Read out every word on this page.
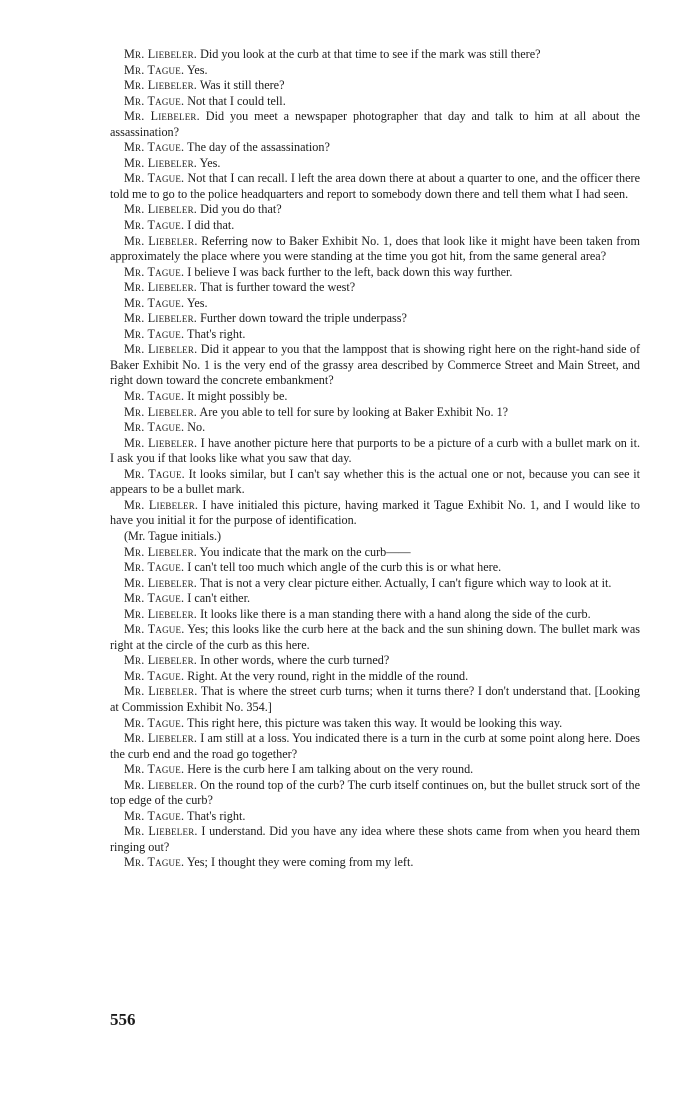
Mr. Liebeler. Did you look at the curb at that time to see if the mark was still there?

Mr. Tague. Yes.

Mr. Liebeler. Was it still there?

Mr. Tague. Not that I could tell.

Mr. Liebeler. Did you meet a newspaper photographer that day and talk to him at all about the assassination?

Mr. Tague. The day of the assassination?

Mr. Liebeler. Yes.

Mr. Tague. Not that I can recall. I left the area down there at about a quarter to one, and the officer there told me to go to the police headquarters and report to somebody down there and tell them what I had seen.

Mr. Liebeler. Did you do that?

Mr. Tague. I did that.

Mr. Liebeler. Referring now to Baker Exhibit No. 1, does that look like it might have been taken from approximately the place where you were standing at the time you got hit, from the same general area?

Mr. Tague. I believe I was back further to the left, back down this way further.

Mr. Liebeler. That is further toward the west?

Mr. Tague. Yes.

Mr. Liebeler. Further down toward the triple underpass?

Mr. Tague. That's right.

Mr. Liebeler. Did it appear to you that the lamppost that is showing right here on the right-hand side of Baker Exhibit No. 1 is the very end of the grassy area described by Commerce Street and Main Street, and right down toward the concrete embankment?

Mr. Tague. It might possibly be.

Mr. Liebeler. Are you able to tell for sure by looking at Baker Exhibit No. 1?

Mr. Tague. No.

Mr. Liebeler. I have another picture here that purports to be a picture of a curb with a bullet mark on it. I ask you if that looks like what you saw that day.

Mr. Tague. It looks similar, but I can't say whether this is the actual one or not, because you can see it appears to be a bullet mark.

Mr. Liebeler. I have initialed this picture, having marked it Tague Exhibit No. 1, and I would like to have you initial it for the purpose of identification.

(Mr. Tague initials.)

Mr. Liebeler. You indicate that the mark on the curb——

Mr. Tague. I can't tell too much which angle of the curb this is or what here.

Mr. Liebeler. That is not a very clear picture either. Actually, I can't figure which way to look at it.

Mr. Tague. I can't either.

Mr. Liebeler. It looks like there is a man standing there with a hand along the side of the curb.

Mr. Tague. Yes; this looks like the curb here at the back and the sun shining down. The bullet mark was right at the circle of the curb as this here.

Mr. Liebeler. In other words, where the curb turned?

Mr. Tague. Right. At the very round, right in the middle of the round.

Mr. Liebeler. That is where the street curb turns; when it turns there? I don't understand that. [Looking at Commission Exhibit No. 354.]

Mr. Tague. This right here, this picture was taken this way. It would be looking this way.

Mr. Liebeler. I am still at a loss. You indicated there is a turn in the curb at some point along here. Does the curb end and the road go together?

Mr. Tague. Here is the curb here I am talking about on the very round.

Mr. Liebeler. On the round top of the curb? The curb itself continues on, but the bullet struck sort of the top edge of the curb?

Mr. Tague. That's right.

Mr. Liebeler. I understand. Did you have any idea where these shots came from when you heard them ringing out?

Mr. Tague. Yes; I thought they were coming from my left.

556
